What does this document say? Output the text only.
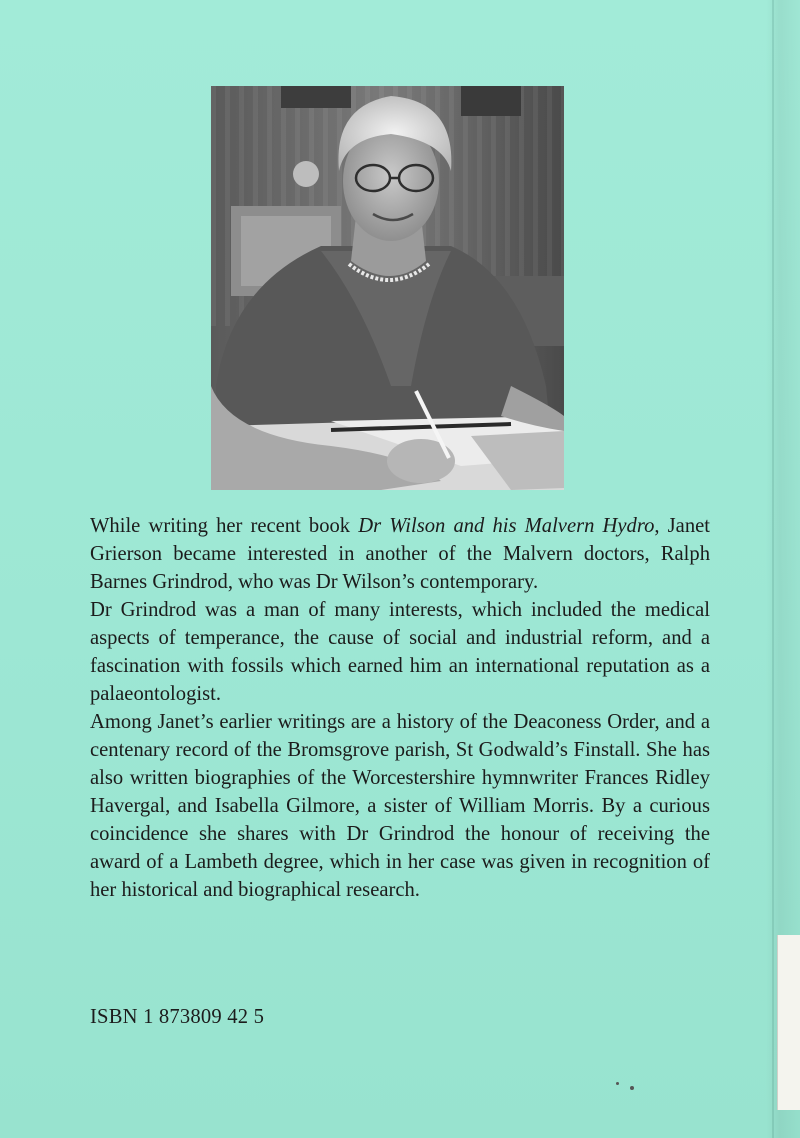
While writing her recent book Dr Wilson and his Malvern Hydro, Janet Grierson became interested in another of the Malvern doctors, Ralph Barnes Grindrod, who was Dr Wilson’s contemporary.

Dr Grindrod was a man of many interests, which included the medical aspects of temperance, the cause of social and industrial reform, and a fascination with fossils which earned him an international reputation as a palaeontologist.

Among Janet’s earlier writings are a history of the Deaconess Order, and a centenary record of the Bromsgrove parish, St Godwald’s Finstall. She has also written biographies of the Worcestershire hymnwriter Frances Ridley Havergal, and Isabella Gilmore, a sister of William Morris. By a curious coincidence she shares with Dr Grindrod the honour of receiving the award of a Lambeth degree, which in her case was given in recognition of her historical and biographical research.

ISBN 1 873809 42 5
